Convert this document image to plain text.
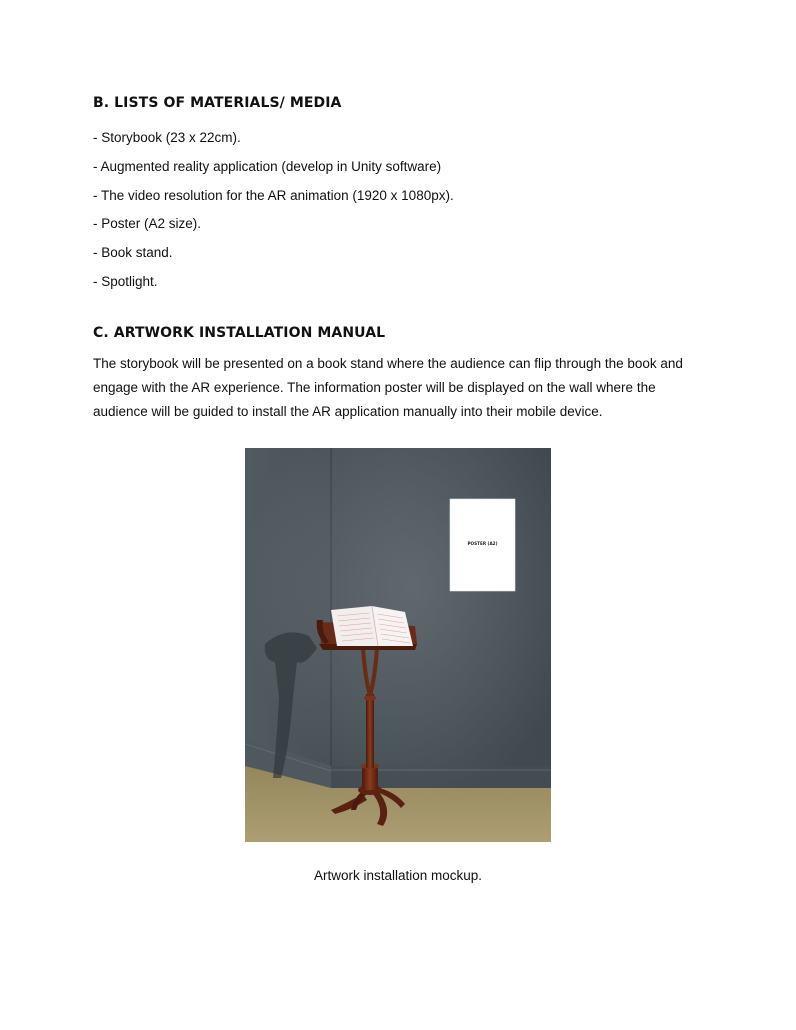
B. LISTS OF MATERIALS/ MEDIA
- Storybook (23 x 22cm).
- Augmented reality application (develop in Unity software)
- The video resolution for the AR animation (1920 x 1080px).
- Poster (A2 size).
- Book stand.
- Spotlight.
C. ARTWORK INSTALLATION MANUAL

The storybook will be presented on a book stand where the audience can flip through the book and engage with the AR experience. The information poster will be displayed on the wall where the audience will be guided to install the AR application manually into their mobile device.

POSTER (A2)

Artwork installation mockup.
